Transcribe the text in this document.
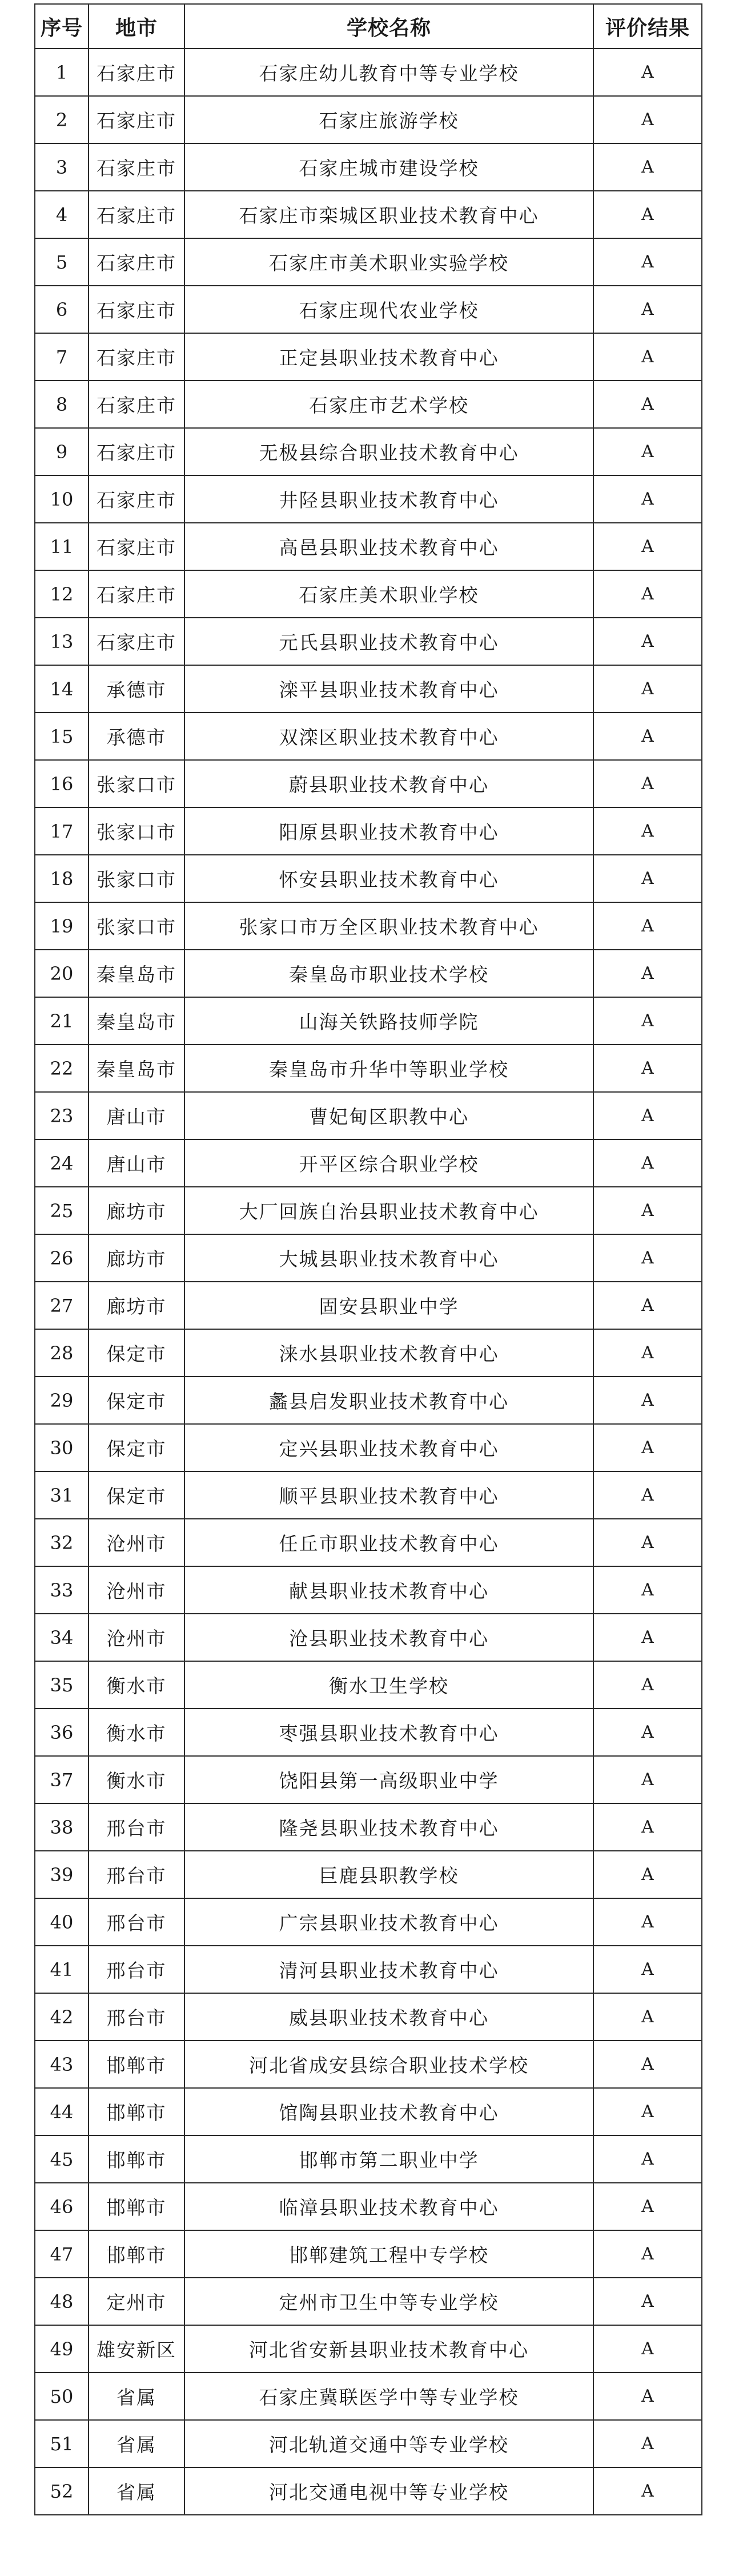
序号	地市	学校名称	评价结果
1	石家庄市	石家庄幼儿教育中等专业学校	A
2	石家庄市	石家庄旅游学校	A
3	石家庄市	石家庄城市建设学校	A
4	石家庄市	石家庄市栾城区职业技术教育中心	A
5	石家庄市	石家庄市美术职业实验学校	A
6	石家庄市	石家庄现代农业学校	A
7	石家庄市	正定县职业技术教育中心	A
8	石家庄市	石家庄市艺术学校	A
9	石家庄市	无极县综合职业技术教育中心	A
10	石家庄市	井陉县职业技术教育中心	A
11	石家庄市	高邑县职业技术教育中心	A
12	石家庄市	石家庄美术职业学校	A
13	石家庄市	元氏县职业技术教育中心	A
14	承德市	滦平县职业技术教育中心	A
15	承德市	双滦区职业技术教育中心	A
16	张家口市	蔚县职业技术教育中心	A
17	张家口市	阳原县职业技术教育中心	A
18	张家口市	怀安县职业技术教育中心	A
19	张家口市	张家口市万全区职业技术教育中心	A
20	秦皇岛市	秦皇岛市职业技术学校	A
21	秦皇岛市	山海关铁路技师学院	A
22	秦皇岛市	秦皇岛市升华中等职业学校	A
23	唐山市	曹妃甸区职教中心	A
24	唐山市	开平区综合职业学校	A
25	廊坊市	大厂回族自治县职业技术教育中心	A
26	廊坊市	大城县职业技术教育中心	A
27	廊坊市	固安县职业中学	A
28	保定市	涞水县职业技术教育中心	A
29	保定市	蠡县启发职业技术教育中心	A
30	保定市	定兴县职业技术教育中心	A
31	保定市	顺平县职业技术教育中心	A
32	沧州市	任丘市职业技术教育中心	A
33	沧州市	献县职业技术教育中心	A
34	沧州市	沧县职业技术教育中心	A
35	衡水市	衡水卫生学校	A
36	衡水市	枣强县职业技术教育中心	A
37	衡水市	饶阳县第一高级职业中学	A
38	邢台市	隆尧县职业技术教育中心	A
39	邢台市	巨鹿县职教学校	A
40	邢台市	广宗县职业技术教育中心	A
41	邢台市	清河县职业技术教育中心	A
42	邢台市	威县职业技术教育中心	A
43	邯郸市	河北省成安县综合职业技术学校	A
44	邯郸市	馆陶县职业技术教育中心	A
45	邯郸市	邯郸市第二职业中学	A
46	邯郸市	临漳县职业技术教育中心	A
47	邯郸市	邯郸建筑工程中专学校	A
48	定州市	定州市卫生中等专业学校	A
49	雄安新区	河北省安新县职业技术教育中心	A
50	省属	石家庄冀联医学中等专业学校	A
51	省属	河北轨道交通中等专业学校	A
52	省属	河北交通电视中等专业学校	A
